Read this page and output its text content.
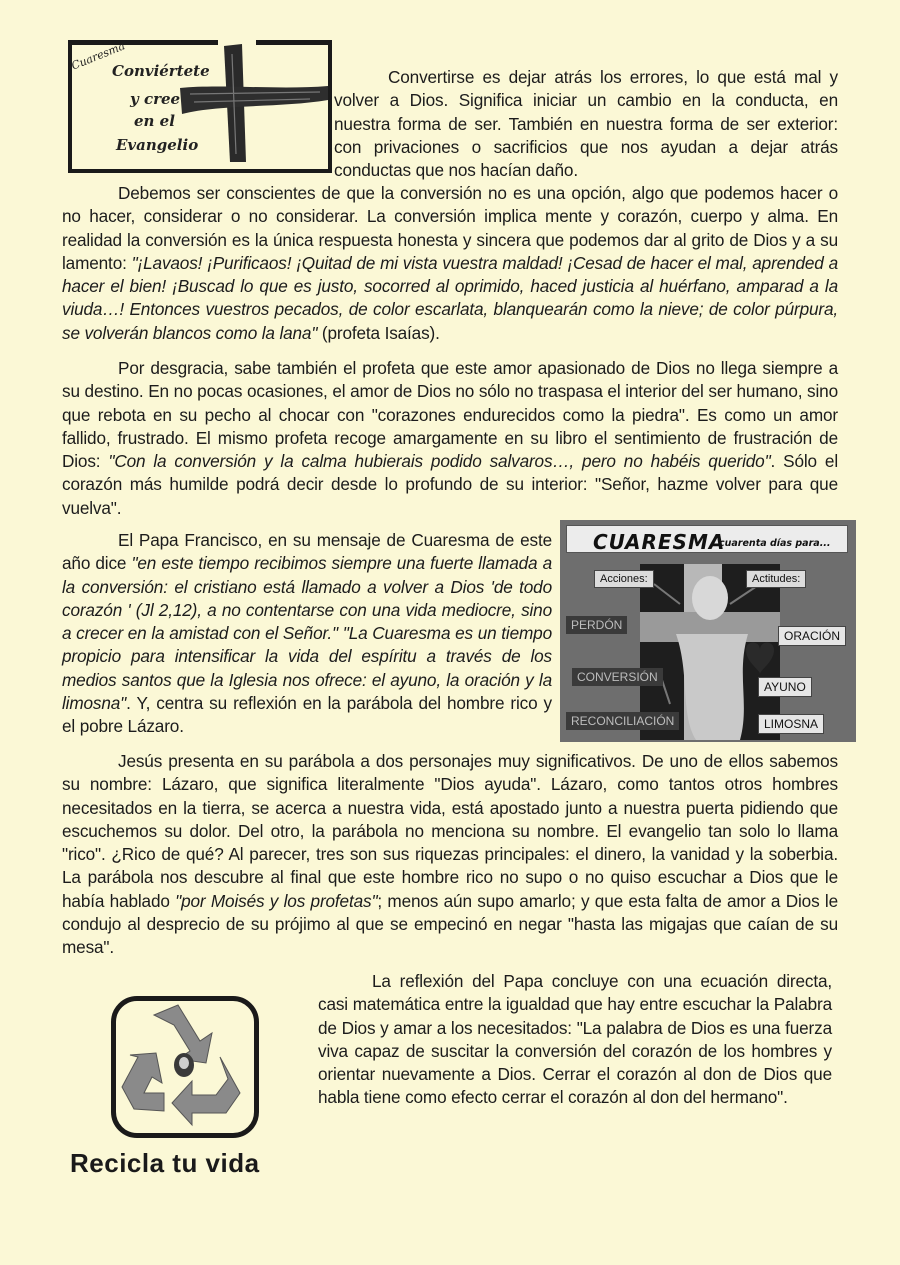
Cuaresma
Conviértete
y cree
en el
Evangelio
Convertirse es dejar atrás los errores, lo que está mal y volver a Dios. Significa iniciar un cambio en la conducta, en nuestra forma de ser. También en nuestra forma de ser exterior: con privaciones o sacrificios que nos ayudan a dejar atrás conductas que nos hacían daño.
Debemos ser conscientes de que la conversión no es una opción, algo que podemos hacer o no hacer, considerar o no considerar. La conversión implica mente y corazón, cuerpo y alma. En realidad la conversión es la única respuesta honesta y sincera que podemos dar al grito de Dios y a su lamento: "¡Lavaos! ¡Purificaos! ¡Quitad de mi vista vuestra maldad! ¡Cesad de hacer el mal, aprended a hacer el bien! ¡Buscad lo que es justo, socorred al oprimido, haced justicia al huérfano, amparad a la viuda…! Entonces vuestros pecados, de color escarlata, blanquearán como la nieve; de color púrpura, se volverán blancos como la lana" (profeta Isaías).
Por desgracia, sabe también el profeta que este amor apasionado de Dios no llega siempre a su destino. En no pocas ocasiones, el amor de Dios no sólo no traspasa el interior del ser humano, sino que rebota en su pecho al chocar con "corazones endurecidos como la piedra". Es como un amor fallido, frustrado. El mismo profeta recoge amargamente en su libro el sentimiento de frustración de Dios: "Con la conversión y la calma hubierais podido salvaros…, pero no habéis querido". Sólo el corazón más humilde podrá decir desde lo profundo de su interior: "Señor, hazme volver para que vuelva".
El Papa Francisco, en su mensaje de Cuaresma de este año dice "en este tiempo recibimos siempre una fuerte llamada a la conversión: el cristiano está llamado a volver a Dios 'de todo corazón ' (Jl 2,12), a no contentarse con una vida mediocre, sino a crecer en la amistad con el Señor." "La Cuaresma es un tiempo propicio para intensificar la vida del espíritu a través de los medios santos que la Iglesia nos ofrece: el ayuno, la oración y la limosna". Y, centra su reflexión en la parábola del hombre rico y el pobre Lázaro.
CUARESMA
cuarenta días para...
Acciones:	Actitudes:
PERDÓN
CONVERSIÓN
RECONCILIACIÓN
ORACIÓN
AYUNO
LIMOSNA
Jesús presenta en su parábola a dos personajes muy significativos. De uno de ellos sabemos su nombre: Lázaro, que significa literalmente "Dios ayuda". Lázaro, como tantos otros hombres necesitados en la tierra, se acerca a nuestra vida, está apostado junto a nuestra puerta pidiendo que escuchemos su dolor. Del otro, la parábola no menciona su nombre. El evangelio tan solo lo llama "rico". ¿Rico de qué? Al parecer, tres son sus riquezas principales: el dinero, la vanidad y la soberbia. La parábola nos descubre al final que este hombre rico no supo o no quiso escuchar a Dios que le había hablado "por Moisés y los profetas"; menos aún supo amarlo; y que esta falta de amor a Dios le condujo al desprecio de su prójimo al que se empecinó en negar "hasta las migajas que caían de su mesa".
Recicla tu vida
La reflexión del Papa concluye con una ecuación directa, casi matemática entre la igualdad que hay entre escuchar la Palabra de Dios y amar a los necesitados: "La palabra de Dios es una fuerza viva capaz de suscitar la conversión del corazón de los hombres y orientar nuevamente a Dios. Cerrar el corazón al don de Dios que habla tiene como efecto cerrar el corazón al don del hermano".
